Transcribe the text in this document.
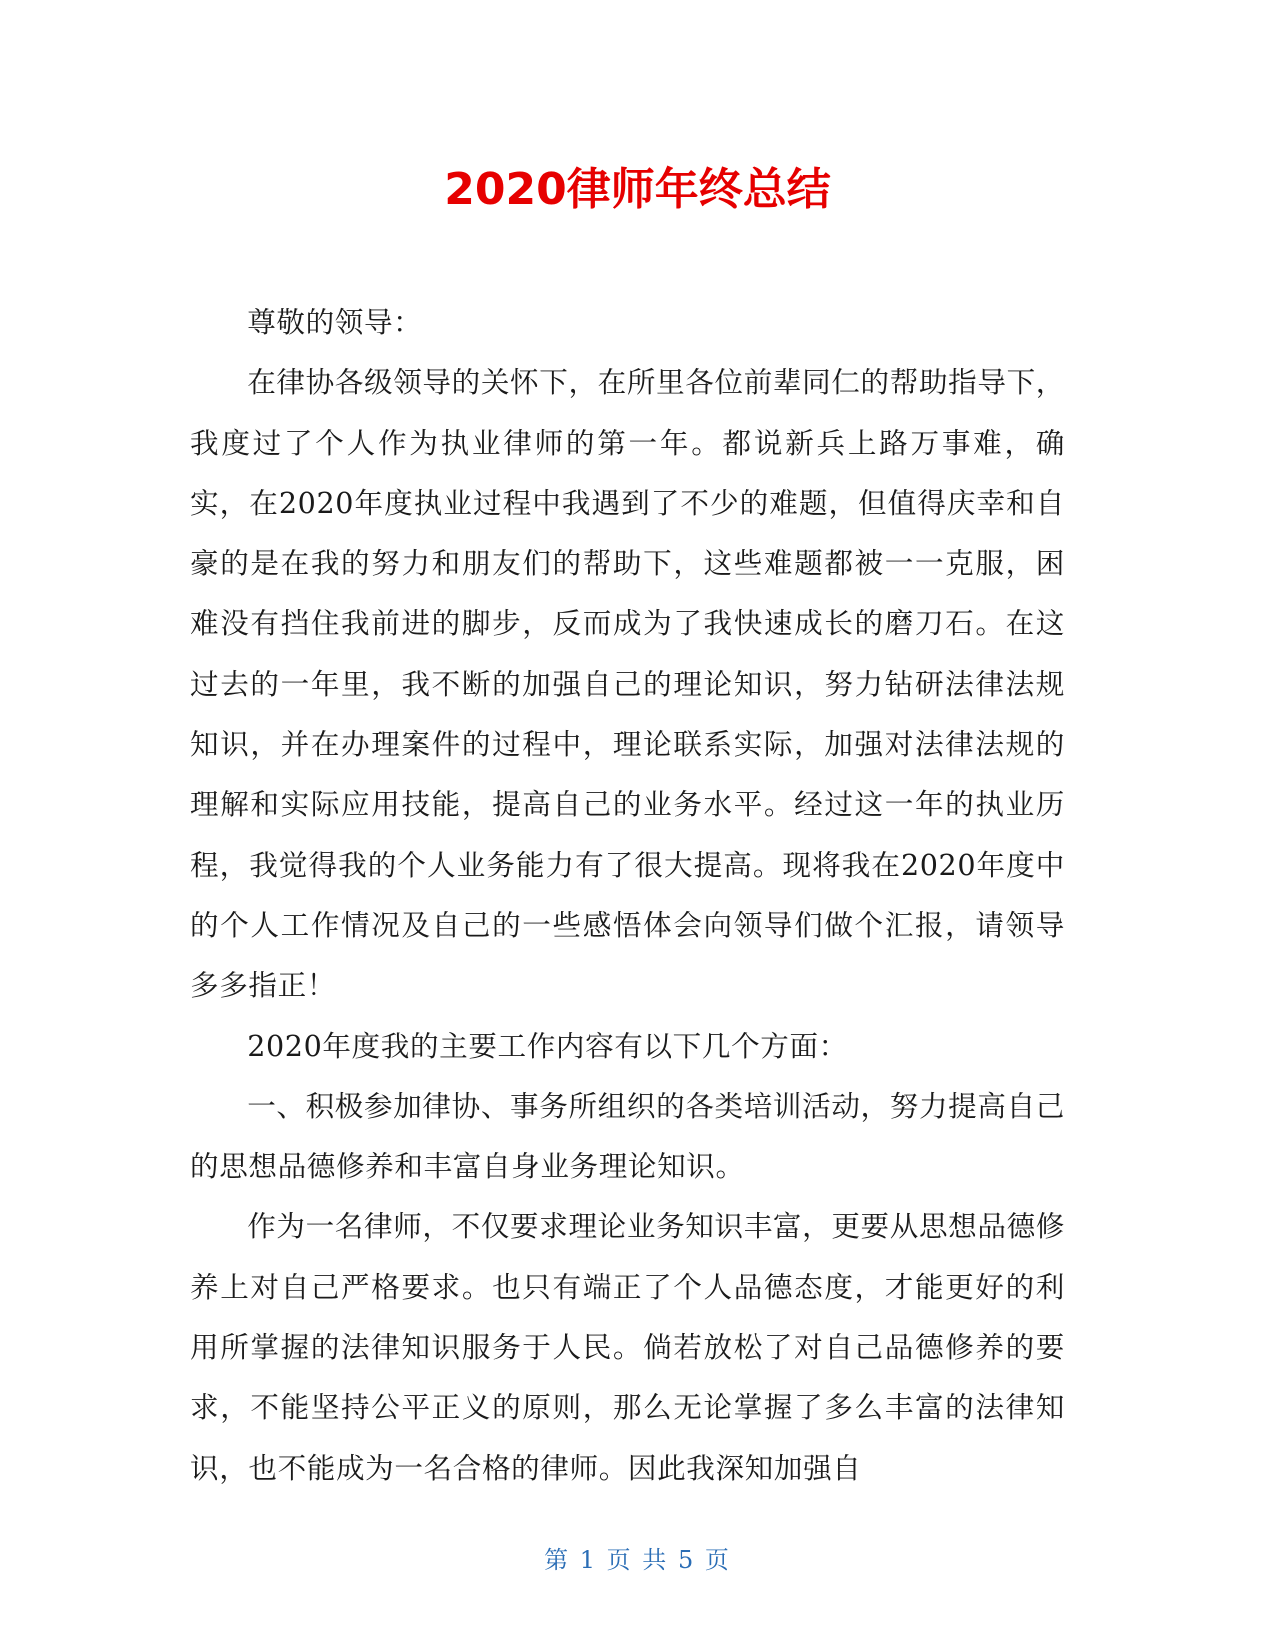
2020律师年终总结

尊敬的领导：

在律协各级领导的关怀下，在所里各位前辈同仁的帮助指导下，我度过了个人作为执业律师的第一年。都说新兵上路万事难，确实，在2020年度执业过程中我遇到了不少的难题，但值得庆幸和自豪的是在我的努力和朋友们的帮助下，这些难题都被一一克服，困难没有挡住我前进的脚步，反而成为了我快速成长的磨刀石。在这过去的一年里，我不断的加强自己的理论知识，努力钻研法律法规知识，并在办理案件的过程中，理论联系实际，加强对法律法规的理解和实际应用技能，提高自己的业务水平。经过这一年的执业历程，我觉得我的个人业务能力有了很大提高。现将我在2020年度中的个人工作情况及自己的一些感悟体会向领导们做个汇报，请领导多多指正！

2020年度我的主要工作内容有以下几个方面：

一、积极参加律协、事务所组织的各类培训活动，努力提高自己的思想品德修养和丰富自身业务理论知识。

作为一名律师，不仅要求理论业务知识丰富，更要从思想品德修养上对自己严格要求。也只有端正了个人品德态度，才能更好的利用所掌握的法律知识服务于人民。倘若放松了对自己品德修养的要求，不能坚持公平正义的原则，那么无论掌握了多么丰富的法律知识，也不能成为一名合格的律师。因此我深知加强自

第 1 页 共 5 页
